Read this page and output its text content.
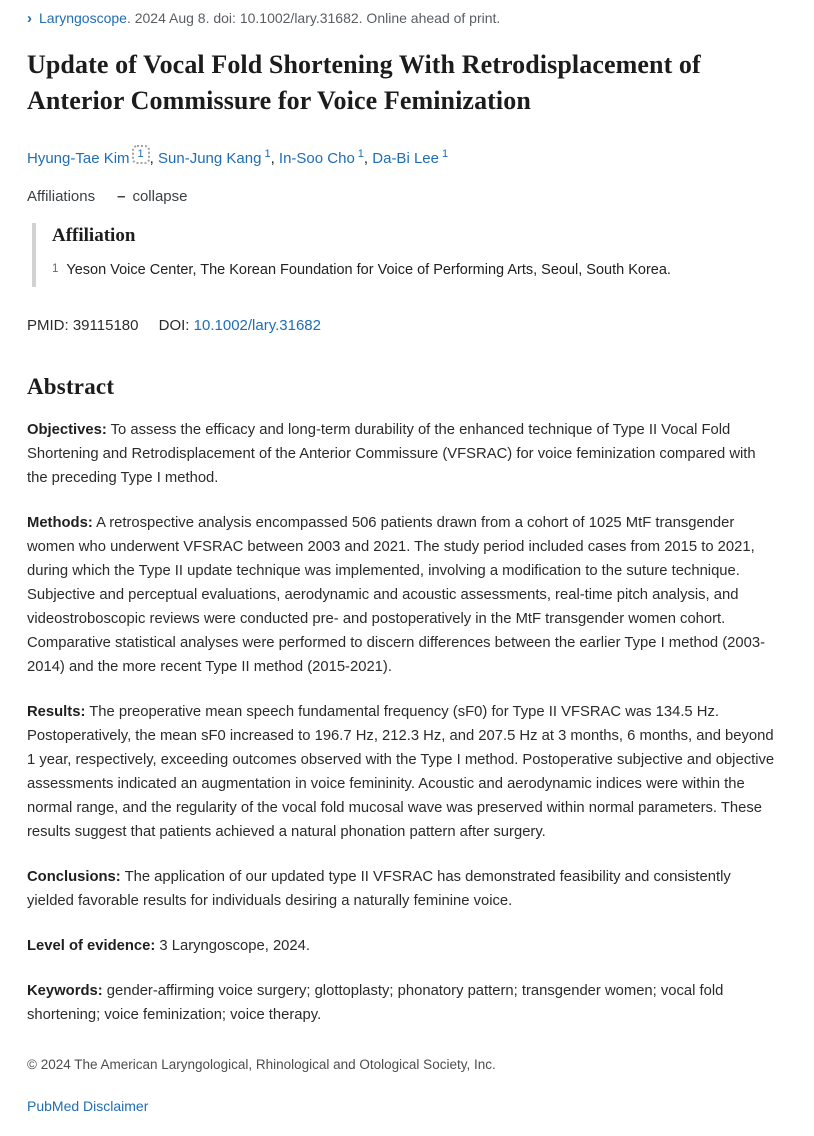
› Laryngoscope. 2024 Aug 8. doi: 10.1002/lary.31682. Online ahead of print.
Update of Vocal Fold Shortening With Retrodisplacement of Anterior Commissure for Voice Feminization
Hyung-Tae Kim $^1$ , Sun-Jung Kang $^1$, In-Soo Cho $^1$, Da-Bi Lee $^1$
Affiliations – collapse
Affiliation
1 Yeson Voice Center, The Korean Foundation for Voice of Performing Arts, Seoul, South Korea.
PMID: 39115180 DOI: 10.1002/lary.31682
Abstract

Objectives: To assess the efficacy and long-term durability of the enhanced technique of Type II Vocal Fold Shortening and Retrodisplacement of the Anterior Commissure (VFSRAC) for voice feminization compared with the preceding Type I method.

Methods: A retrospective analysis encompassed 506 patients drawn from a cohort of 1025 MtF transgender women who underwent VFSRAC between 2003 and 2021. The study period included cases from 2015 to 2021, during which the Type II update technique was implemented, involving a modification to the suture technique. Subjective and perceptual evaluations, aerodynamic and acoustic assessments, real-time pitch analysis, and videostroboscopic reviews were conducted pre- and postoperatively in the MtF transgender women cohort. Comparative statistical analyses were performed to discern differences between the earlier Type I method (2003-2014) and the more recent Type II method (2015-2021).

Results: The preoperative mean speech fundamental frequency (sF0) for Type II VFSRAC was 134.5 Hz. Postoperatively, the mean sF0 increased to 196.7 Hz, 212.3 Hz, and 207.5 Hz at 3 months, 6 months, and beyond 1 year, respectively, exceeding outcomes observed with the Type I method. Postoperative subjective and objective assessments indicated an augmentation in voice femininity. Acoustic and aerodynamic indices were within the normal range, and the regularity of the vocal fold mucosal wave was preserved within normal parameters. These results suggest that patients achieved a natural phonation pattern after surgery.

Conclusions: The application of our updated type II VFSRAC has demonstrated feasibility and consistently yielded favorable results for individuals desiring a naturally feminine voice.

Level of evidence: 3 Laryngoscope, 2024.

Keywords: gender-affirming voice surgery; glottoplasty; phonatory pattern; transgender women; vocal fold shortening; voice feminization; voice therapy.

© 2024 The American Laryngological, Rhinological and Otological Society, Inc.
PubMed Disclaimer
